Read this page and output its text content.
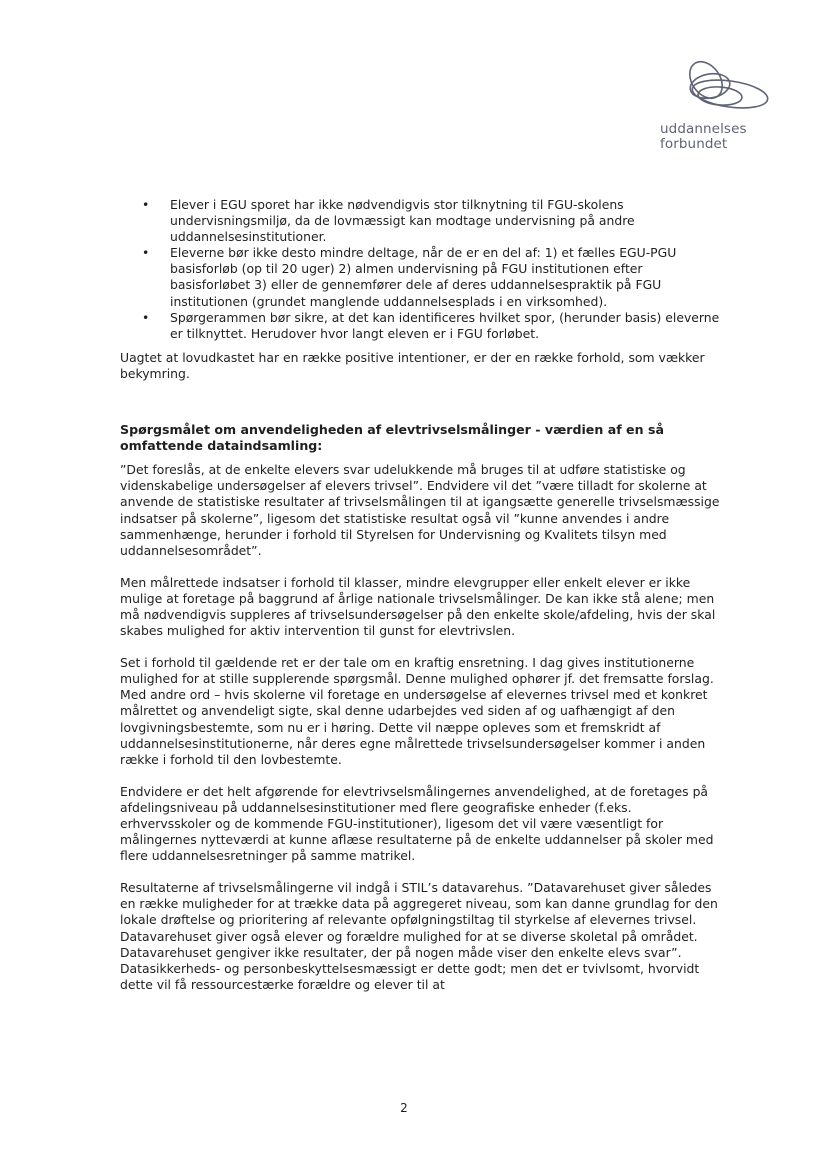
uddannelses
forbundet
• Elever i EGU sporet har ikke nødvendigvis stor tilknytning til FGU-skolens undervisningsmiljø, da de lovmæssigt kan modtage undervisning på andre uddannelsesinstitutioner.
• Eleverne bør ikke desto mindre deltage, når de er en del af: 1) et fælles EGU-PGU basisforløb (op til 20 uger) 2) almen undervisning på FGU institutionen efter basisforløbet 3) eller de gennemfører dele af deres uddannelsespraktik på FGU institutionen (grundet manglende uddannelsesplads i en virksomhed).
• Spørgerammen bør sikre, at det kan identificeres hvilket spor, (herunder basis) eleverne er tilknyttet. Herudover hvor langt eleven er i FGU forløbet.

Uagtet at lovudkastet har en række positive intentioner, er der en række forhold, som vækker bekymring.

Spørgsmålet om anvendeligheden af elevtrivselsmålinger - værdien af en så omfattende dataindsamling:

”Det foreslås, at de enkelte elevers svar udelukkende må bruges til at udføre statistiske og videnskabelige undersøgelser af elevers trivsel”. Endvidere vil det ”være tilladt for skolerne at anvende de statistiske resultater af trivselsmålingen til at igangsætte generelle trivselsmæssige indsatser på skolerne”, ligesom det statistiske resultat også vil ”kunne anvendes i andre sammenhænge, herunder i forhold til Styrelsen for Undervisning og Kvalitets tilsyn med uddannelsesområdet”.

Men målrettede indsatser i forhold til klasser, mindre elevgrupper eller enkelt elever er ikke mulige at foretage på baggrund af årlige nationale trivselsmålinger. De kan ikke stå alene; men må nødvendigvis suppleres af trivselsundersøgelser på den enkelte skole/afdeling, hvis der skal skabes mulighed for aktiv intervention til gunst for elevtrivslen.

Set i forhold til gældende ret er der tale om en kraftig ensretning. I dag gives institutionerne mulighed for at stille supplerende spørgsmål. Denne mulighed ophører jf. det fremsatte forslag. Med andre ord – hvis skolerne vil foretage en undersøgelse af elevernes trivsel med et konkret målrettet og anvendeligt sigte, skal denne udarbejdes ved siden af og uafhængigt af den lovgivningsbestemte, som nu er i høring. Dette vil næppe opleves som et fremskridt af uddannelsesinstitutionerne, når deres egne målrettede trivselsundersøgelser kommer i anden række i forhold til den lovbestemte.

Endvidere er det helt afgørende for elevtrivselsmålingernes anvendelighed, at de foretages på afdelingsniveau på uddannelsesinstitutioner med flere geografiske enheder (f.eks. erhvervsskoler og de kommende FGU-institutioner), ligesom det vil være væsentligt for målingernes nytteværdi at kunne aflæse resultaterne på de enkelte uddannelser på skoler med flere uddannelsesretninger på samme matrikel.

Resultaterne af trivselsmålingerne vil indgå i STIL’s datavarehus. ”Datavarehuset giver således en række muligheder for at trække data på aggregeret niveau, som kan danne grundlag for den lokale drøftelse og prioritering af relevante opfølgningstiltag til styrkelse af elevernes trivsel. Datavarehuset giver også elever og forældre mulighed for at se diverse skoletal på området. Datavarehuset gengiver ikke resultater, der på nogen måde viser den enkelte elevs svar”. Datasikkerheds- og personbeskyttelsesmæssigt er dette godt; men det er tvivlsomt, hvorvidt dette vil få ressourcestærke forældre og elever til at

2
